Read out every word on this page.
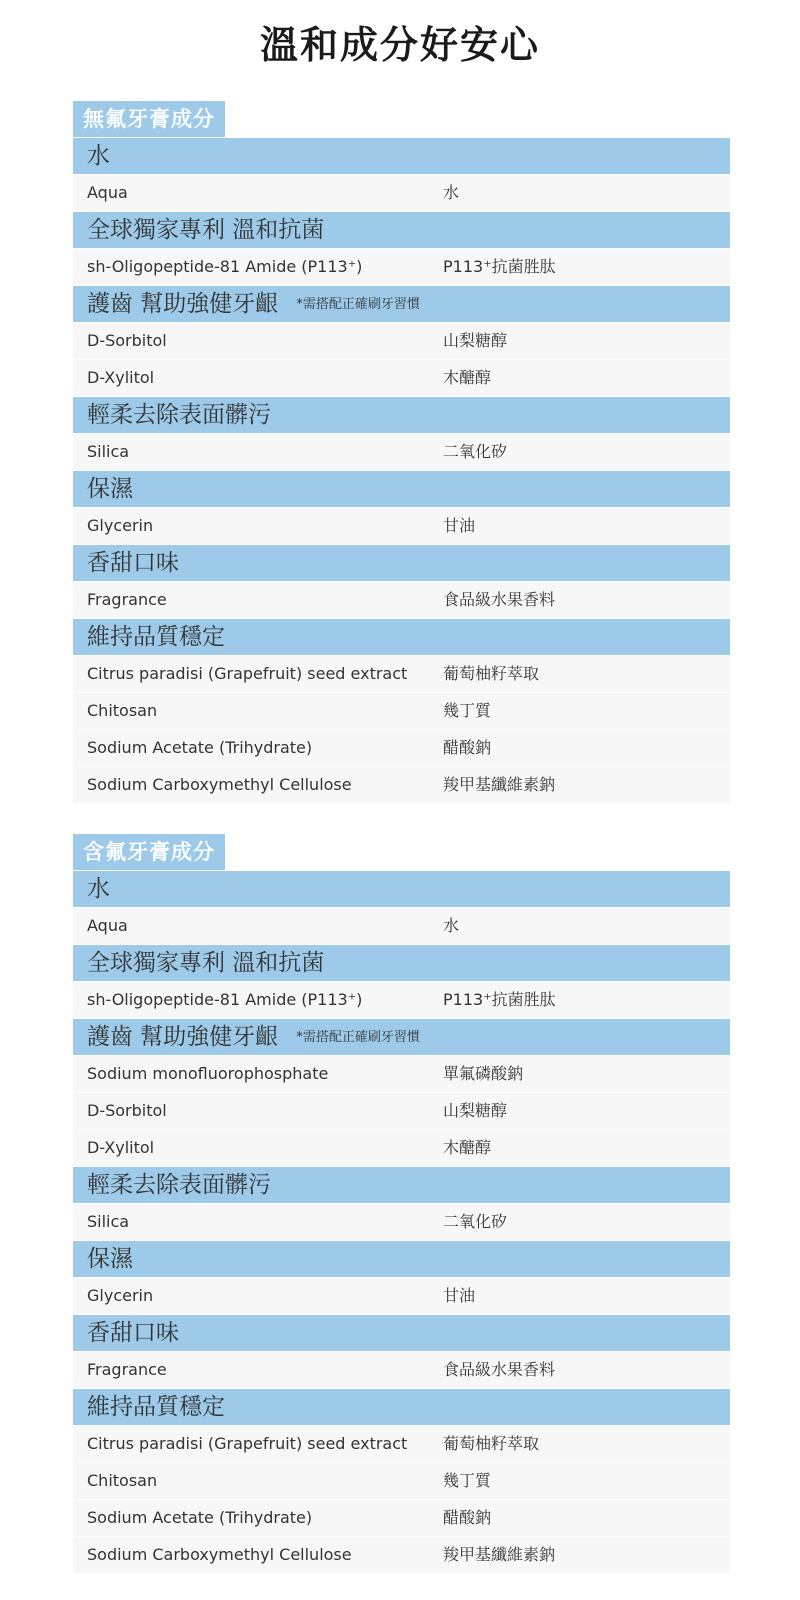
溫和成分好安心
無氟牙膏成分
水
Aqua	水
全球獨家專利 溫和抗菌
sh-Oligopeptide-81 Amide (P113⁺)	P113⁺抗菌胜肽
護齒 幫助強健牙齦 *需搭配正確刷牙習慣
D-Sorbitol	山梨糖醇
D-Xylitol	木醣醇
輕柔去除表面髒污
Silica	二氧化矽
保濕
Glycerin	甘油
香甜口味
Fragrance	食品級水果香料
維持品質穩定
Citrus paradisi (Grapefruit) seed extract	葡萄柚籽萃取
Chitosan	幾丁質
Sodium Acetate (Trihydrate)	醋酸鈉
Sodium Carboxymethyl Cellulose	羧甲基纖維素鈉
含氟牙膏成分
水
Aqua	水
全球獨家專利 溫和抗菌
sh-Oligopeptide-81 Amide (P113⁺)	P113⁺抗菌胜肽
護齒 幫助強健牙齦 *需搭配正確刷牙習慣
Sodium monofluorophosphate	單氟磷酸鈉
D-Sorbitol	山梨糖醇
D-Xylitol	木醣醇
輕柔去除表面髒污
Silica	二氧化矽
保濕
Glycerin	甘油
香甜口味
Fragrance	食品級水果香料
維持品質穩定
Citrus paradisi (Grapefruit) seed extract	葡萄柚籽萃取
Chitosan	幾丁質
Sodium Acetate (Trihydrate)	醋酸鈉
Sodium Carboxymethyl Cellulose	羧甲基纖維素鈉
